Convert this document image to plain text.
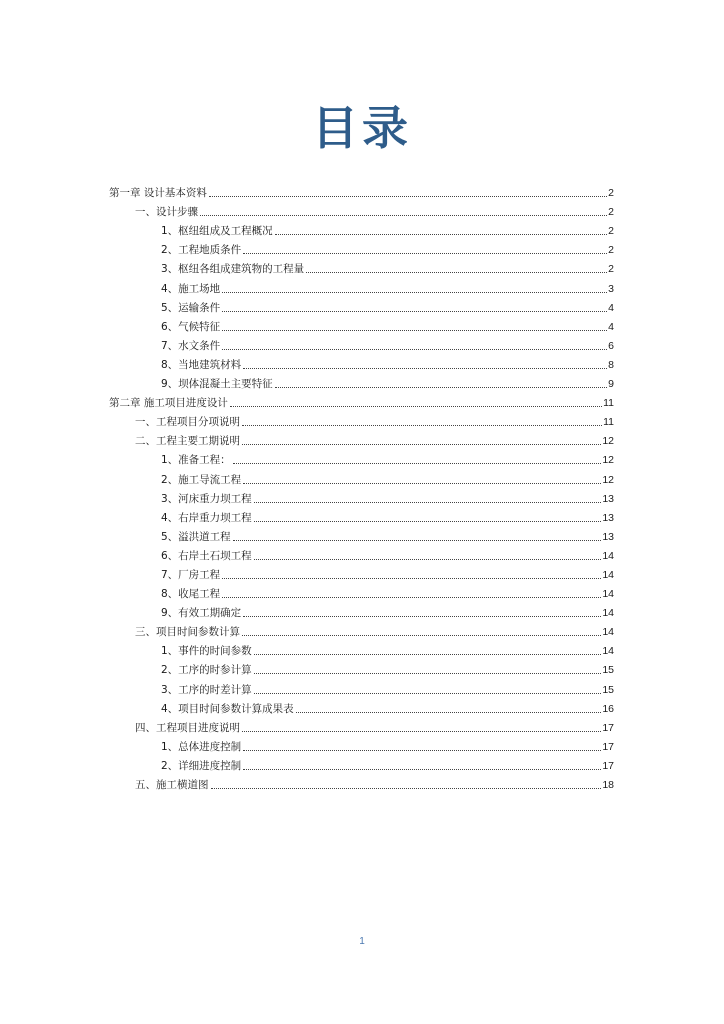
目录
第一章 设计基本资料	2
一、设计步骤	2
1、枢纽组成及工程概况	2
2、工程地质条件	2
3、枢纽各组成建筑物的工程量	2
4、施工场地	3
5、运输条件	4
6、气候特征	4
7、水文条件	6
8、当地建筑材料	8
9、坝体混凝土主要特征	9
第二章 施工项目进度设计	11
一、工程项目分项说明	11
二、工程主要工期说明	12
1、准备工程：	12
2、施工导流工程	12
3、河床重力坝工程	13
4、右岸重力坝工程	13
5、溢洪道工程	13
6、右岸土石坝工程	14
7、厂房工程	14
8、收尾工程	14
9、有效工期确定	14
三、项目时间参数计算	14
1、事件的时间参数	14
2、工序的时参计算	15
3、工序的时差计算	15
4、项目时间参数计算成果表	16
四、工程项目进度说明	17
1、总体进度控制	17
2、详细进度控制	17
五、施工横道图	18
1
